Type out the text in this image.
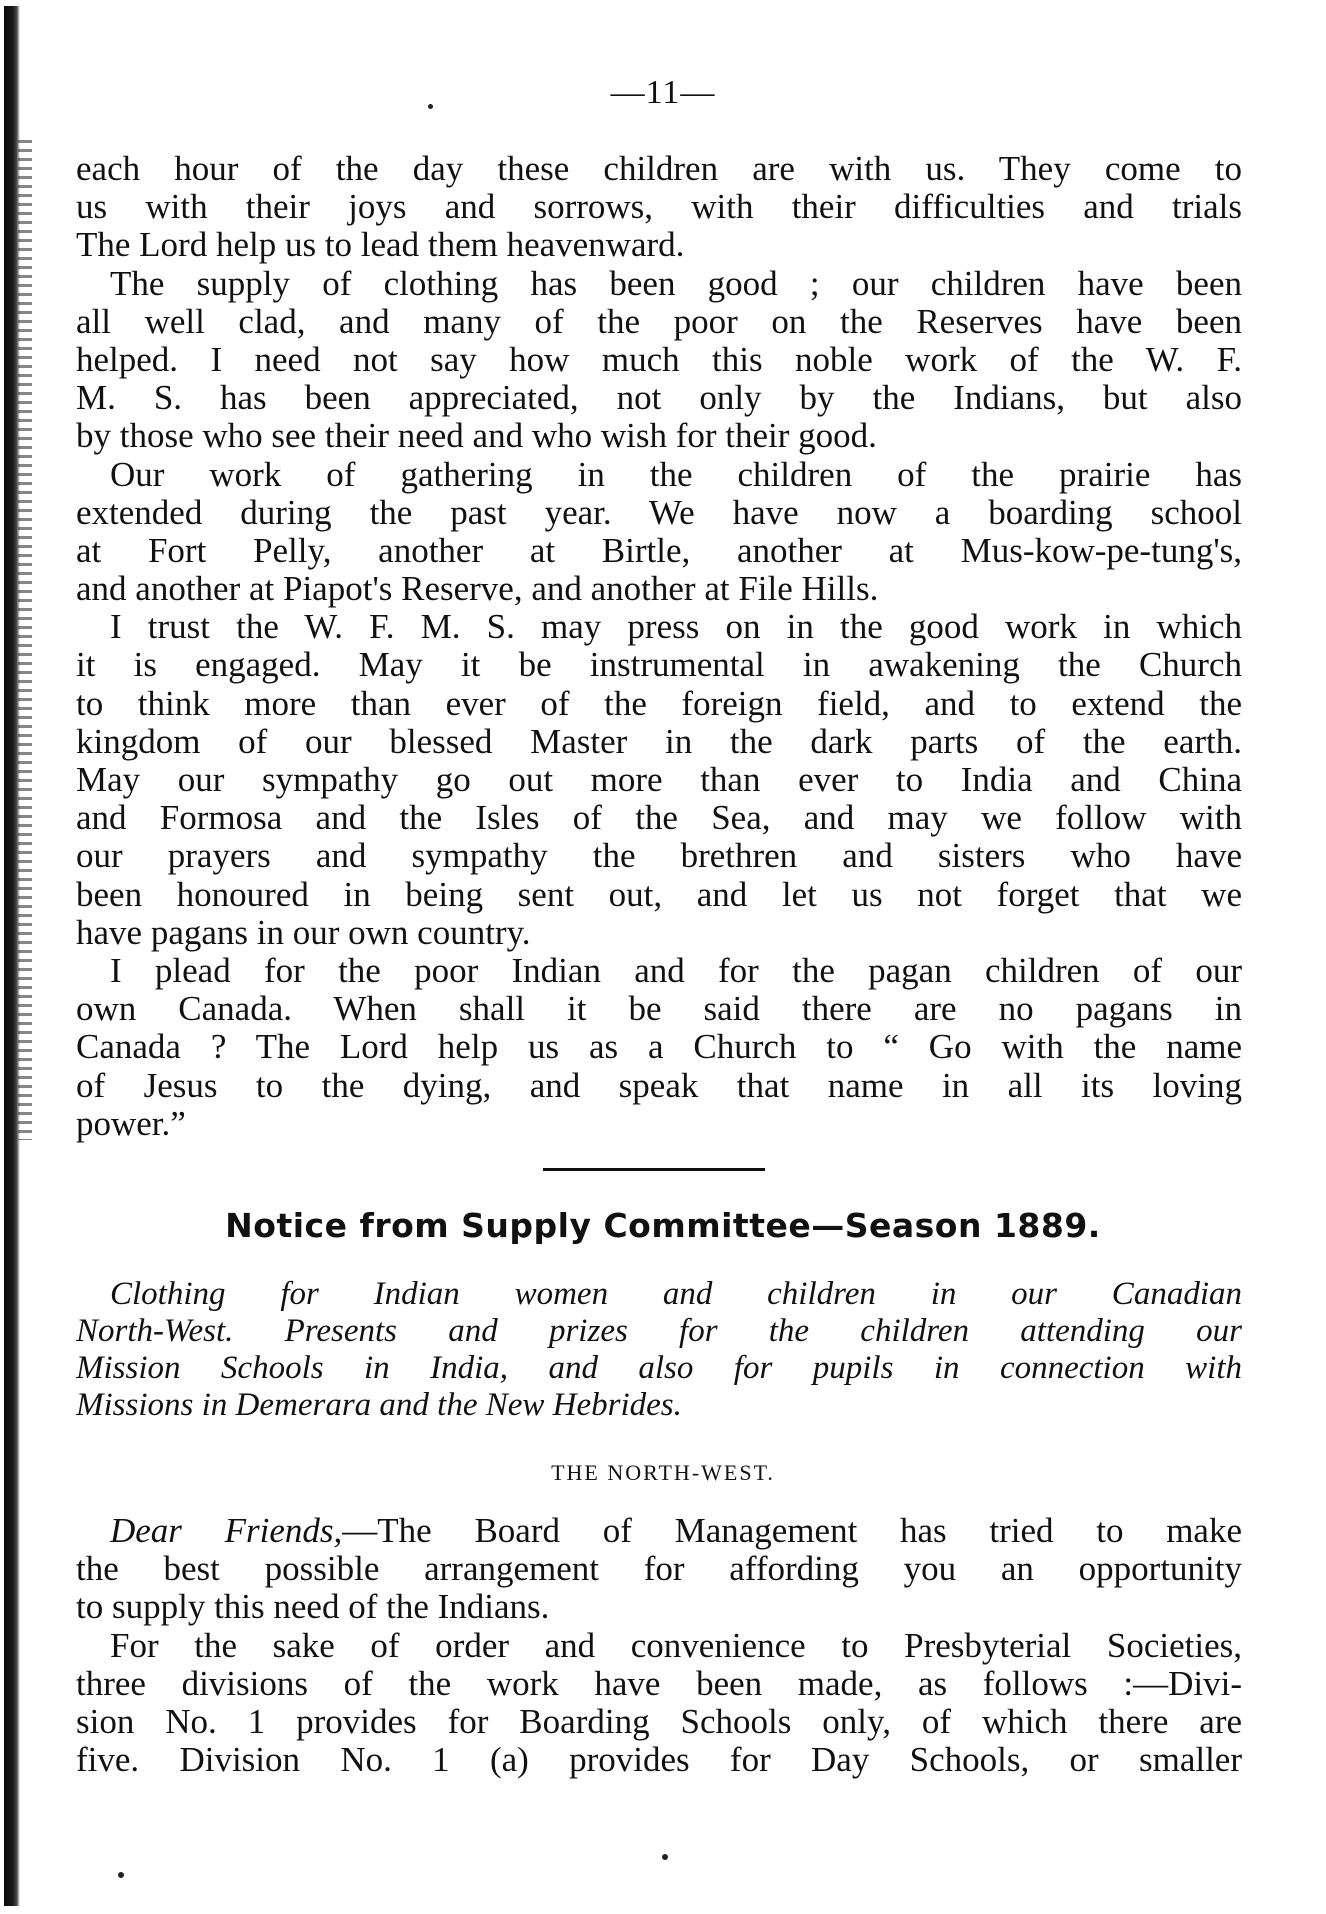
—11—
each hour of the day these children are with us. They come to
us with their joys and sorrows, with their difficulties and trials
The Lord help us to lead them heavenward.
The supply of clothing has been good ; our children have been
all well clad, and many of the poor on the Reserves have been
helped. I need not say how much this noble work of the W. F.
M. S. has been appreciated, not only by the Indians, but also
by those who see their need and who wish for their good.
Our work of gathering in the children of the prairie has
extended during the past year. We have now a boarding school
at Fort Pelly, another at Birtle, another at Mus-kow-pe-tung's,
and another at Piapot's Reserve, and another at File Hills.
I trust the W. F. M. S. may press on in the good work in which
it is engaged. May it be instrumental in awakening the Church
to think more than ever of the foreign field, and to extend the
kingdom of our blessed Master in the dark parts of the earth.
May our sympathy go out more than ever to India and China
and Formosa and the Isles of the Sea, and may we follow with
our prayers and sympathy the brethren and sisters who have
been honoured in being sent out, and let us not forget that we
have pagans in our own country.
I plead for the poor Indian and for the pagan children of our
own Canada. When shall it be said there are no pagans in
Canada ? The Lord help us as a Church to “ Go with the name
of Jesus to the dying, and speak that name in all its loving
power.”
Notice from Supply Committee—Season 1889.
Clothing for Indian women and children in our Canadian
North-West. Presents and prizes for the children attending our
Mission Schools in India, and also for pupils in connection with
Missions in Demerara and the New Hebrides.
THE NORTH-WEST.
Dear Friends,—The Board of Management has tried to make
the best possible arrangement for affording you an opportunity
to supply this need of the Indians.
For the sake of order and convenience to Presbyterial Societies,
three divisions of the work have been made, as follows :—Divi-
sion No. 1 provides for Boarding Schools only, of which there are
five. Division No. 1 (a) provides for Day Schools, or smaller
